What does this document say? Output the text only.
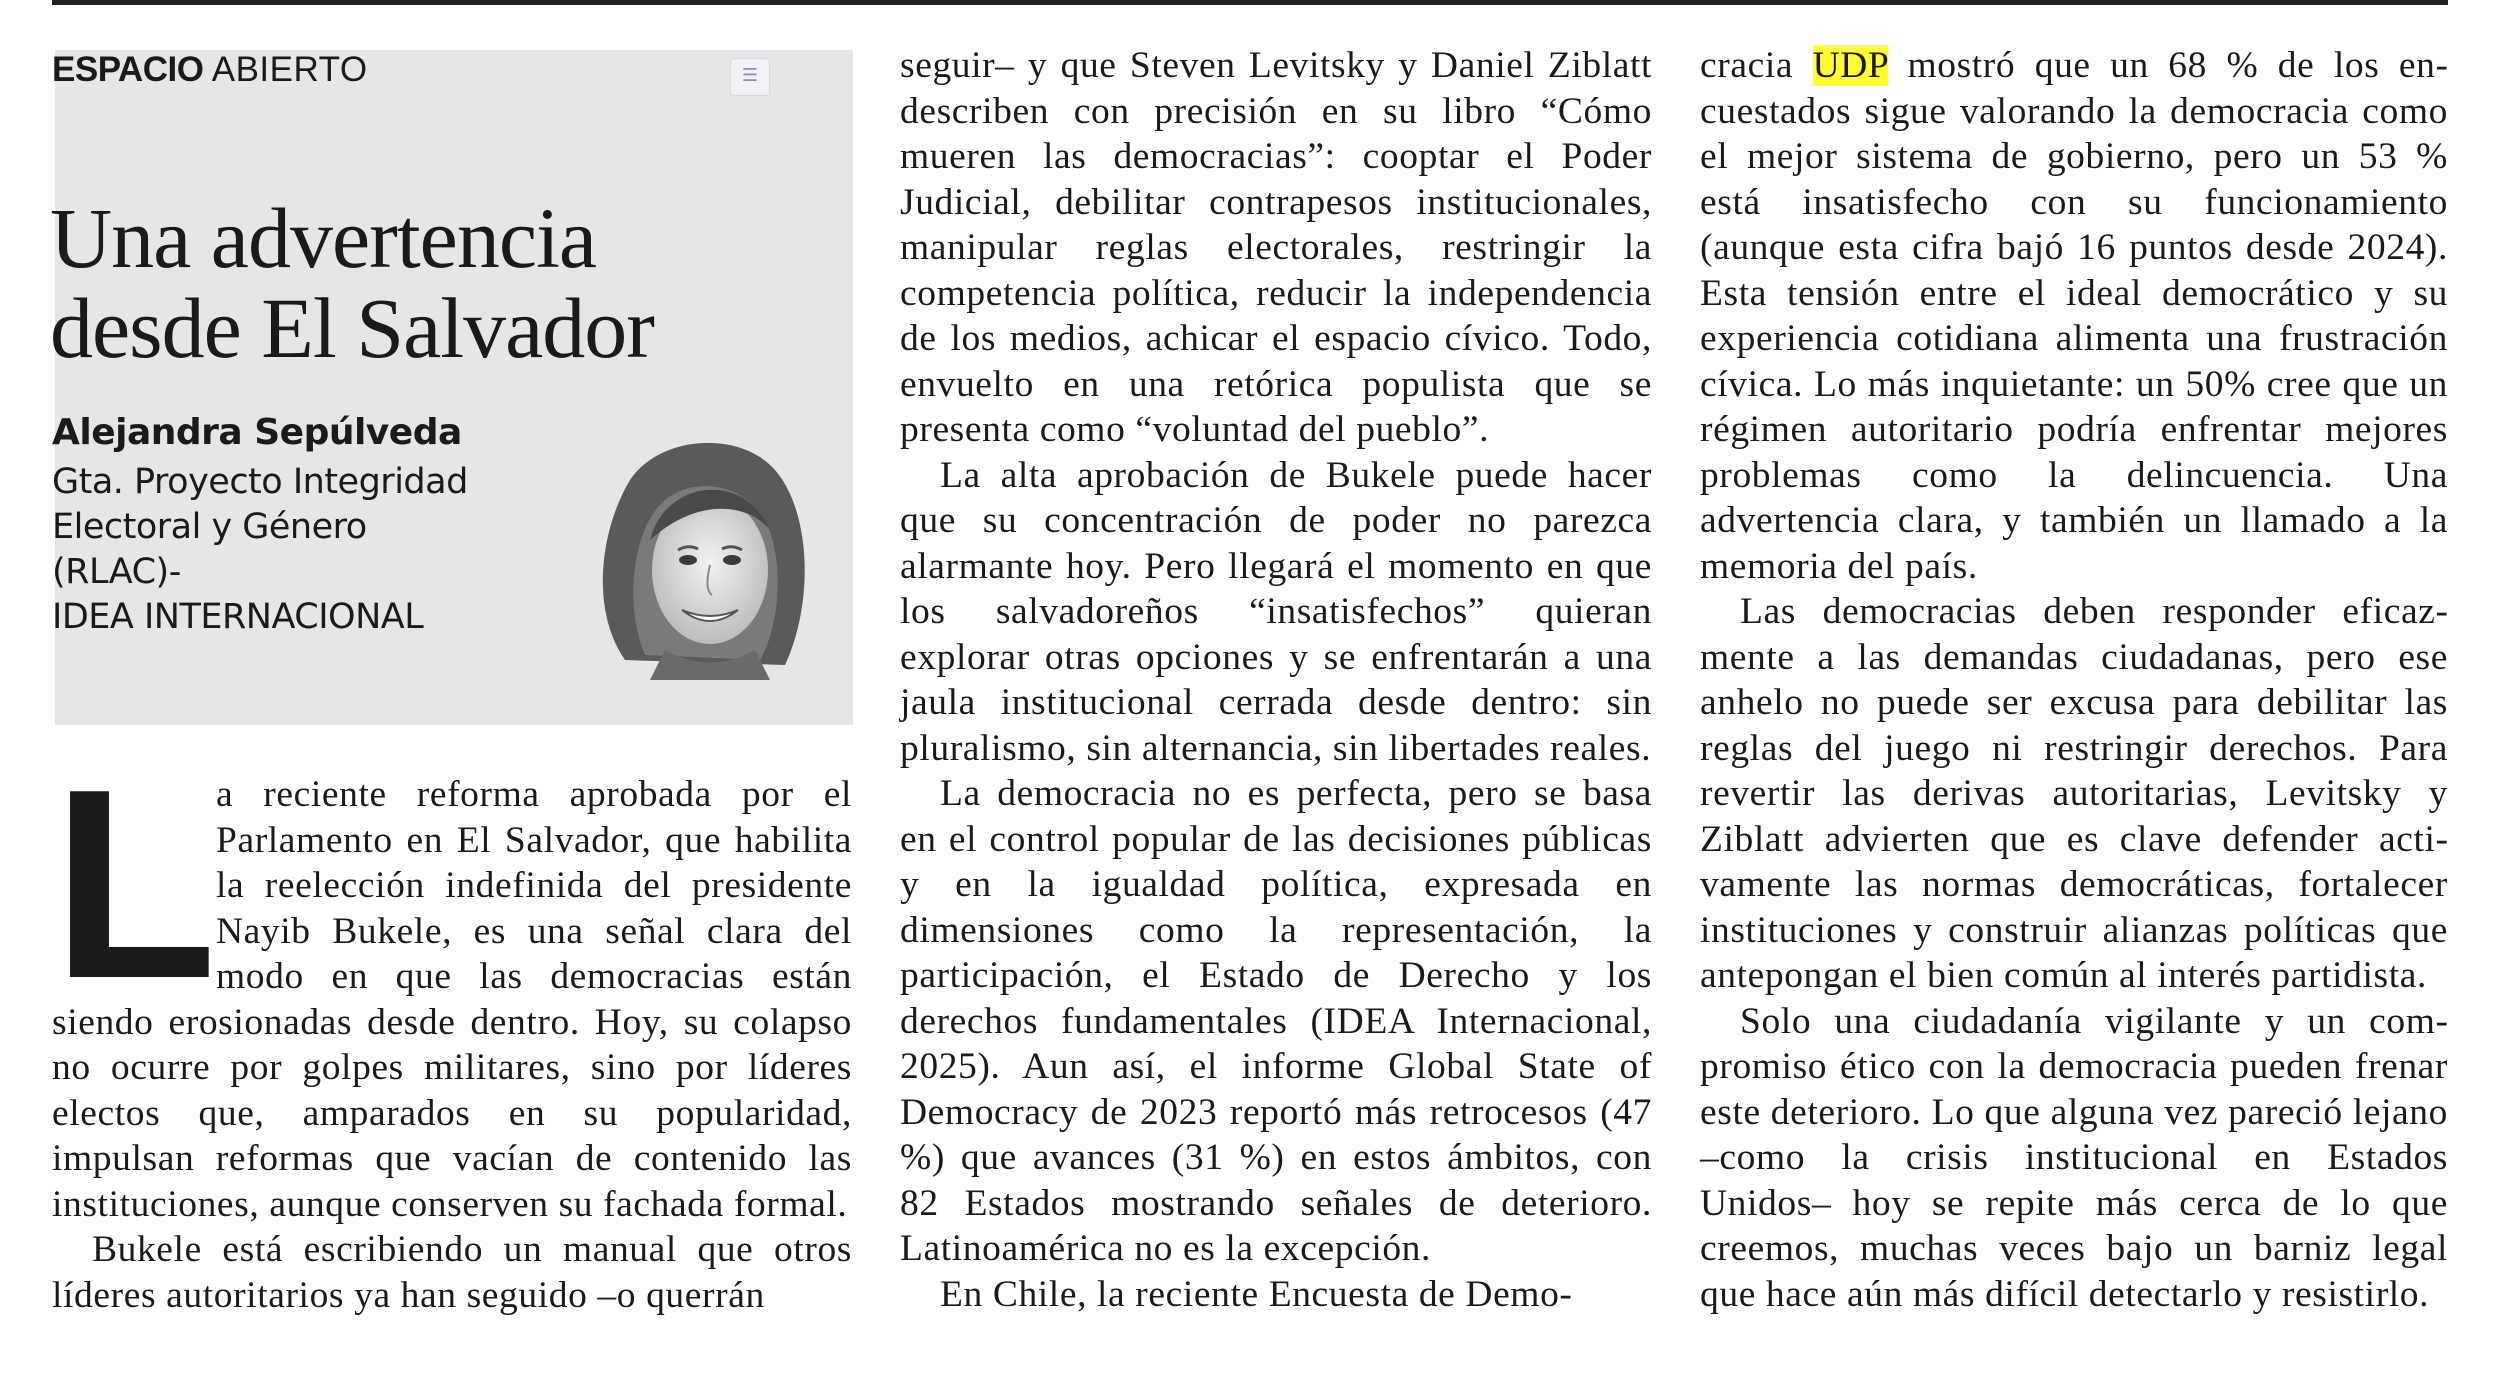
ESPACIO ABIERTO	☰
Una advertencia desde El Salvador
Alejandra Sepúlveda
Gta. Proyecto Integridad
Electoral y Género
(RLAC)-
IDEA INTERNACIONAL
L

a reciente reforma aprobada por el Parlamento en El Salvador, que habilita la reelección indefinida del presidente Nayib Bukele, es una señal clara del modo en que las democracias están siendo erosionadas desde dentro. Hoy, su colapso no ocurre por golpes militares, sino por líderes electos que, amparados en su popularidad, impulsan reformas que vacían de contenido las instituciones, aunque conserven su fachada formal.

Bukele está escribiendo un manual que otros líderes autoritarios ya han seguido –o querrán

seguir– y que Steven Levitsky y Daniel Ziblatt describen con precisión en su libro “Cómo mueren las democracias”: cooptar el Poder Judicial, debilitar contrapesos institucionales, manipular reglas electorales, restringir la competencia política, reducir la independencia de los medios, achicar el espacio cívico. Todo, envuelto en una retórica populista que se presenta como “voluntad del pueblo”.

La alta aprobación de Bukele puede hacer que su concentración de poder no parezca alarmante hoy. Pero llegará el momento en que los salvadoreños “insatisfechos” quieran explorar otras opciones y se enfrentarán a una jaula institucional cerrada desde dentro: sin pluralismo, sin alternancia, sin libertades reales.

La democracia no es perfecta, pero se basa en el control popular de las decisiones públicas y en la igualdad política, expresada en dimensiones como la representación, la participación, el Estado de Derecho y los derechos fundamentales (IDEA Internacional, 2025). Aun así, el informe Global State of Democracy de 2023 reportó más retrocesos (47 %) que avances (31 %) en estos ámbitos, con 82 Estados mostrando señales de deterioro. Latinoamérica no es la excepción.

En Chile, la reciente Encuesta de Demo-

cracia UDP mostró que un 68 % de los encuestados sigue valorando la democracia como el mejor sistema de gobierno, pero un 53 % está insatisfecho con su funcionamiento (aunque esta cifra bajó 16 puntos desde 2024). Esta tensión entre el ideal democrático y su experiencia cotidiana alimenta una frustración cívica. Lo más inquietante: un 50% cree que un régimen autoritario podría enfrentar mejores problemas como la delincuencia. Una advertencia clara, y también un llamado a la memoria del país.

Las democracias deben responder eficazmente a las demandas ciudadanas, pero ese anhelo no puede ser excusa para debilitar las reglas del juego ni restringir derechos. Para revertir las derivas autoritarias, Levitsky y Ziblatt advierten que es clave defender activamente las normas democráticas, fortalecer instituciones y construir alianzas políticas que antepongan el bien común al interés partidista.

Solo una ciudadanía vigilante y un compromiso ético con la democracia pueden frenar este deterioro. Lo que alguna vez pareció lejano –como la crisis institucional en Estados Unidos– hoy se repite más cerca de lo que creemos, muchas veces bajo un barniz legal que hace aún más difícil detectarlo y resistirlo.
